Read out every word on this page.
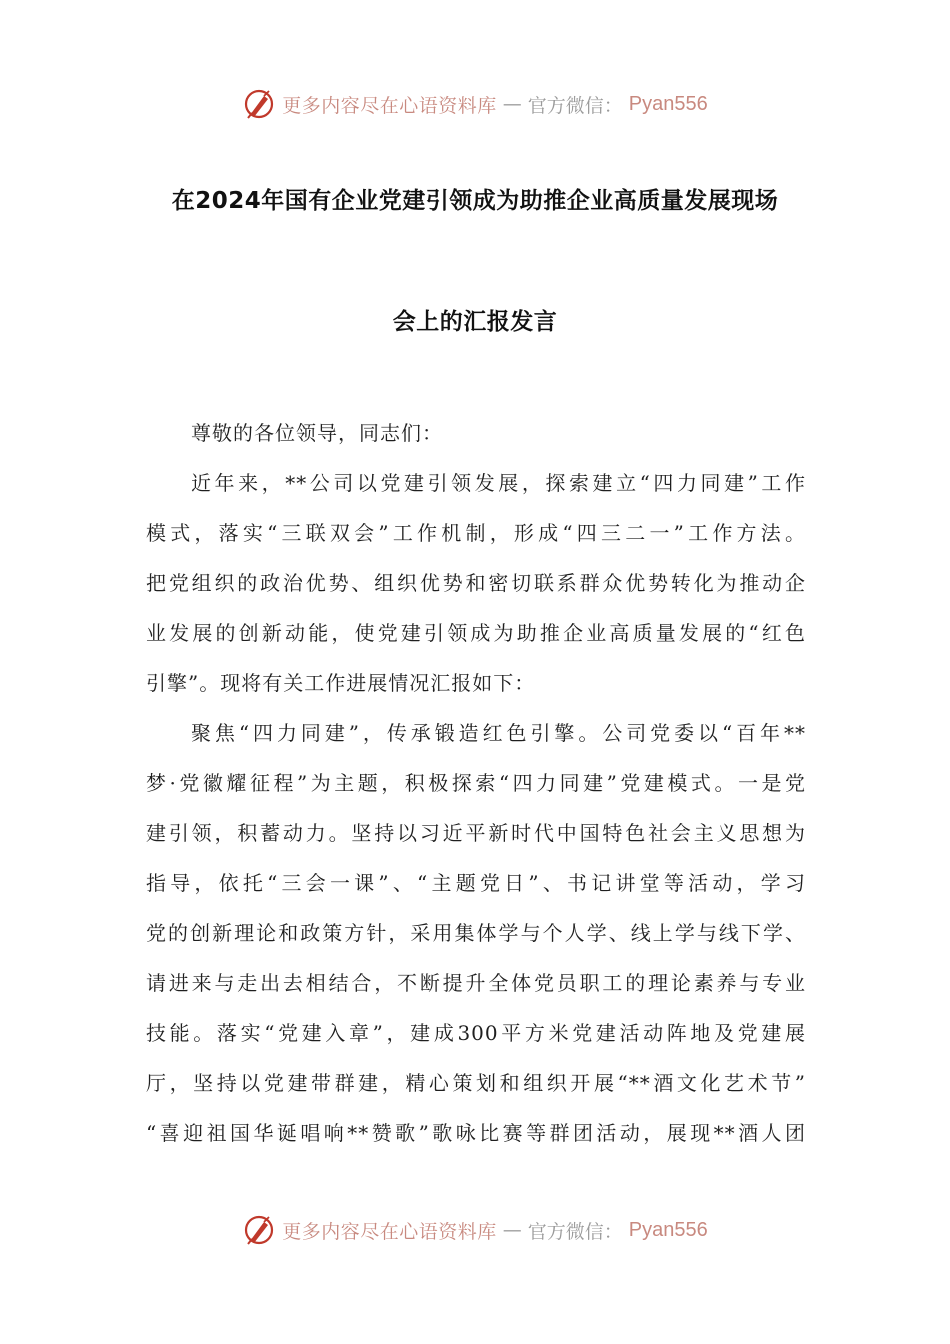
更多内容尽在心语资料库 — 官方微信： Pyan556
在2024年国有企业党建引领成为助推企业高质量发展现场
会上的汇报发言
尊敬的各位领导，同志们：
近年来，**公司以党建引领发展，探索建立“四力同建”工作
模式，落实“三联双会”工作机制，形成“四三二一”工作方法。
把党组织的政治优势、组织优势和密切联系群众优势转化为推动企
业发展的创新动能，使党建引领成为助推企业高质量发展的“红色
引擎”。现将有关工作进展情况汇报如下：
聚焦“四力同建”，传承锻造红色引擎。公司党委以“百年**
梦·党徽耀征程”为主题，积极探索“四力同建”党建模式。一是党
建引领，积蓄动力。坚持以习近平新时代中国特色社会主义思想为
指导，依托“三会一课”、“主题党日”、书记讲堂等活动，学习
党的创新理论和政策方针，采用集体学与个人学、线上学与线下学、
请进来与走出去相结合，不断提升全体党员职工的理论素养与专业
技能。落实“党建入章”，建成300平方米党建活动阵地及党建展
厅，坚持以党建带群建，精心策划和组织开展“**酒文化艺术节”
“喜迎祖国华诞唱响**赞歌”歌咏比赛等群团活动，展现**酒人团
更多内容尽在心语资料库 — 官方微信： Pyan556
